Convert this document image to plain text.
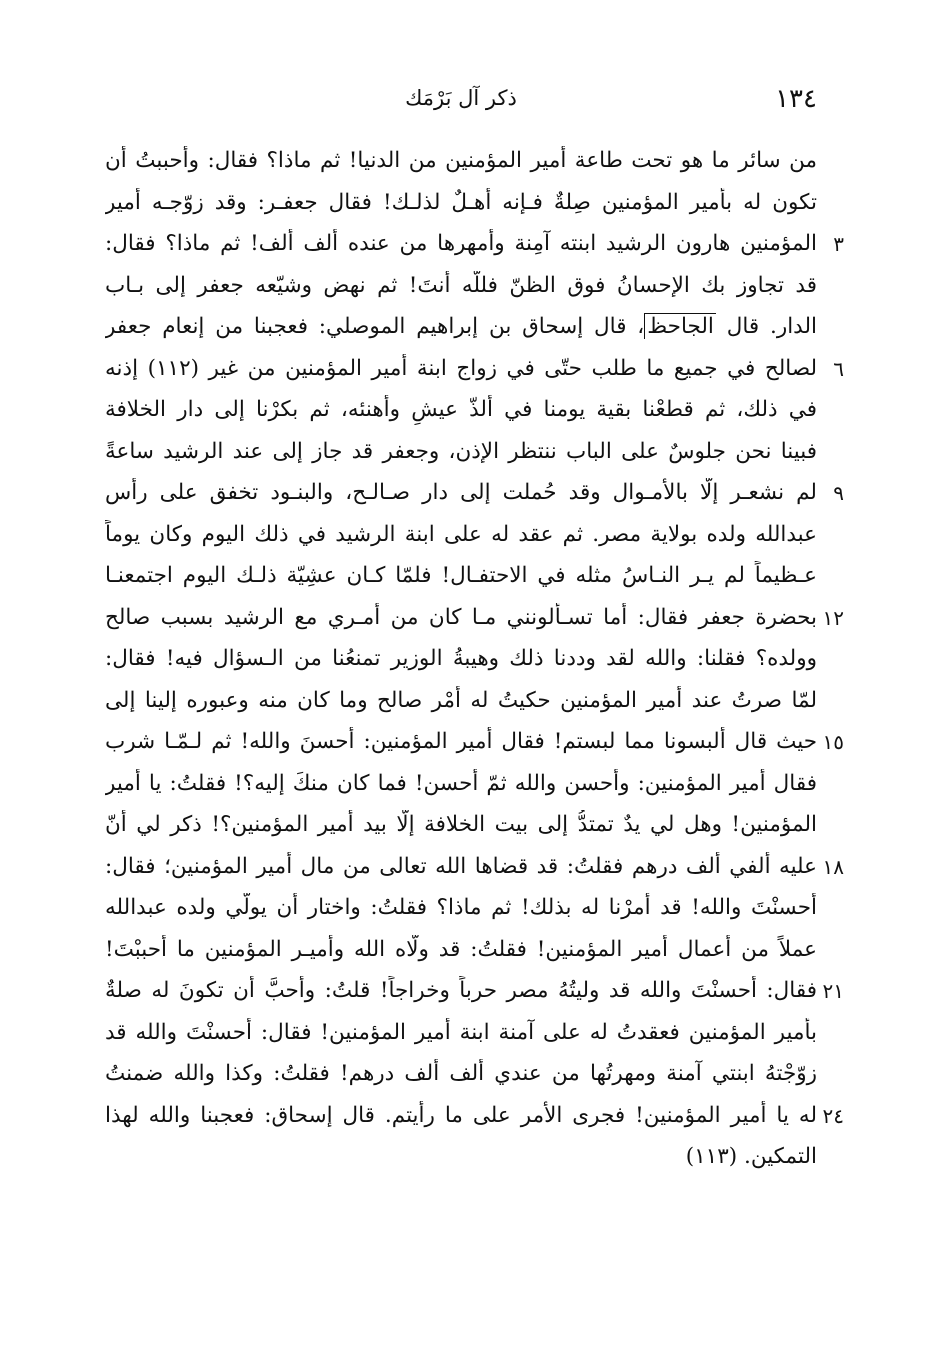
١٣٤
ذكر آل بَرْمَك
من سائر ما هو تحت طاعة أمير المؤمنين من الدنيا! ثم ماذا؟ فقال: وأحببتُ أن
تكون له بأمير المؤمنين صِلةٌ فـإنه أهـلٌ لذلـك! فقال جعفـر: وقد زوّجـه أمير
٣
المؤمنين هارون الرشيد ابنته آمِنة وأمهرها من عنده ألف ألف! ثم ماذا؟ فقال:
قد تجاوز بك الإحسانُ فوق الظنّ فللّه أنتَ! ثم نهض وشيّعه جعفر إلى بـاب
الدار. قال الجاحظ، قال إسحاق بن إبراهيم الموصلي: فعجبنا من إنعام جعفر
٦
لصالح في جميع ما طلب حتّى في زواج ابنة أمير المؤمنين من غير (١١٢) إذنه
في ذلك، ثم قطعْنا بقية يومنا في ألذّ عيشٍ وأهنئه، ثم بكرْنا إلى دار الخلافة
فبينا نحن جلوسٌ على الباب ننتظر الإذن، وجعفر قد جاز إلى عند الرشيد ساعةً
٩
لم نشعـر إلّا بالأمـوال وقد حُملت إلى دار صـالـح، والبنـود تخفق على رأس
عبدالله ولده بولاية مصر. ثم عقد له على ابنة الرشيد في ذلك اليوم وكان يوماً
عـظيماً لم يـر النـاسُ مثله في الاحتفـال! فلمّا كـان عشِيّة ذلـك اليوم اجتمعنـا
١٢
بحضرة جعفر فقال: أما تسـألونني مـا كان من أمـري مع الرشيد بسبب صالح
وولده؟ فقلنا: والله لقد وددنا ذلك وهيبةُ الوزير تمنعُنا من الـسؤال فيه! فقال:
لمّا صرتُ عند أمير المؤمنين حكيتُ له أمْر صالح وما كان منه وعبوره إلينا إلى
١٥
حيث قال ألبسونا مما لبستم! فقال أمير المؤمنين: أحسنَ والله! ثم لـمّـا شرب
فقال أمير المؤمنين: وأحسن والله ثمّ أحسن! فما كان منكَ إليه؟! فقلتُ: يا أمير
المؤمنين! وهل لي يدٌ تمتدُّ إلى بيت الخلافة إلّا بيد أمير المؤمنين؟! ذكر لي أنّ
١٨
عليه ألفي ألف درهم فقلتُ: قد قضاها الله تعالى من مال أمير المؤمنين؛ فقال:
أحسنْتَ والله! قد أمرْنا له بذلك! ثم ماذا؟ فقلتُ: واختار أن يولّي ولده عبدالله
عملاً من أعمال أمير المؤمنين! فقلتُ: قد ولّاه الله وأميـر المؤمنين ما أحببْتَ!
٢١
فقال: أحسنْتَ والله قد وليتُهُ مصر حرباً وخراجاً! قلتُ: وأحبَّ أن تكونَ له صلةٌ
بأمير المؤمنين فعقدتُ له على آمنة ابنة أمير المؤمنين! فقال: أحسنْتَ والله قد
زوّجْتهُ ابنتي آمنة ومهرتُها من عندي ألف ألف درهم! فقلتُ: وكذا والله ضمنتُ
٢٤
له يا أمير المؤمنين! فجرى الأمر على ما رأيتم. قال إسحاق: فعجبنا والله لهذا
التمكين. (١١٣)
